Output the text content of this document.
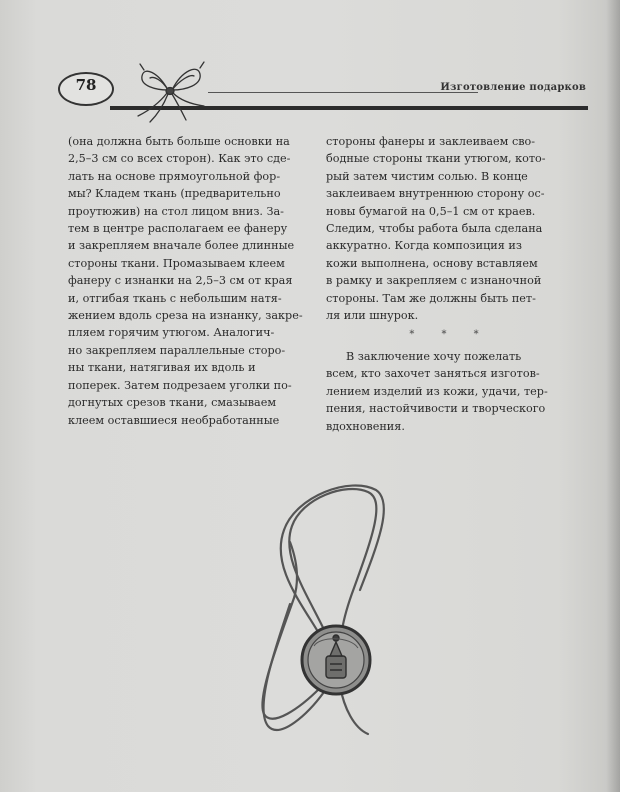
78	Изготовление подарков

(она должна быть больше основки на

2,5–3 см со всех сторон). Как это сде-

лать на основе прямоугольной фор-

мы? Кладем ткань (предварительно

проутюжив) на стол лицом вниз. За-

тем в центре располагаем ее фанеру

и закрепляем вначале более длинные

стороны ткани. Промазываем клеем

фанеру с изнанки на 2,5–3 см от края

и, отгибая ткань с небольшим натя-

жением вдоль среза на изнанку, закре-

пляем горячим утюгом. Аналогич-

но закрепляем параллельные сторо-

ны ткани, натягивая их вдоль и

поперек. Затем подрезаем уголки по-

догнутых срезов ткани, смазываем

клеем оставшиеся необработанные

стороны фанеры и заклеиваем сво-

бодные стороны ткани утюгом, кото-

рый затем чистим солью. В конце

заклеиваем внутреннюю сторону ос-

новы бумагой на 0,5–1 см от краев.

Следим, чтобы работа была сделана

аккуратно. Когда композиция из

кожи выполнена, основу вставляем

в рамку и закрепляем с изнаночной

стороны. Там же должны быть пет-

ля или шнурок.

* * *

В заключение хочу пожелать

всем, кто захочет заняться изготов-

лением изделий из кожи, удачи, тер-

пения, настойчивости и творческого

вдохновения.
